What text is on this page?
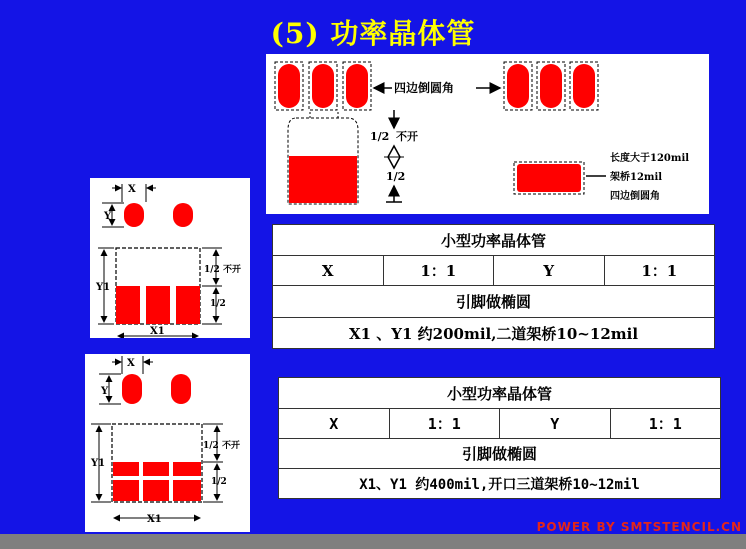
(5) 功率晶体管
四边倒圆角
1/2 不开
1/2
长度大于120mil
架桥12mil
四边倒圆角
X
Y
Y1
X1
1/2 不开
1/2
X
Y
Y1
X1
1/2 不开
1/2
小型功率晶体管
X	1：1	Y	1：1
引脚做椭圆
X1 、Y1 约200mil,二道架桥10~12mil
小型功率晶体管
X	1：1	Y	1：1
引脚做椭圆
X1、Y1 约400mil,开口三道架桥10~12mil
POWER BY SMTSTENCIL.CN
